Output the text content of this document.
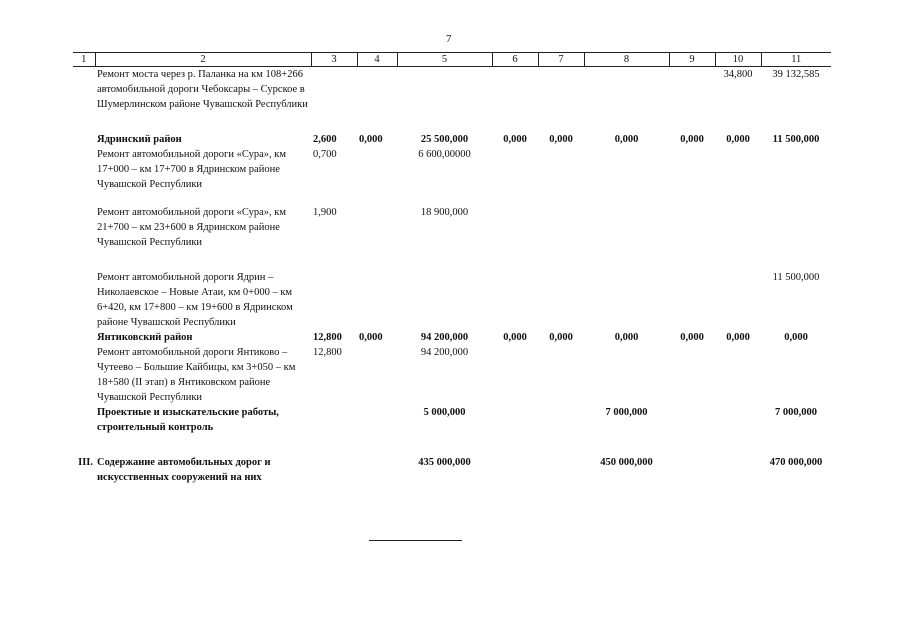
7
1	2	3	4	5	6	7	8	9	10	11
	Ремонт моста через р. Паланка на км 108+266 автомобильной дороги Чебоксары – Сурское в Шумерлинском районе Чувашской Республики								34,800	39 132,585
	Ядринский район	2,600	0,000	25 500,000	0,000	0,000	0,000	0,000	0,000	11 500,000
	Ремонт автомобильной дороги «Сура», км 17+000 – км 17+700 в Ядринском районе Чувашской Республики	0,700		6 600,00000						
	Ремонт автомобильной дороги «Сура», км 21+700 – км 23+600 в Ядринском районе Чувашской Республики	1,900		18 900,000						
	Ремонт автомобильной дороги Ядрин – Николаевское – Новые Атаи, км 0+000 – км 6+420, км 17+800 – км 19+600 в Ядринском районе Чувашской Республики									11 500,000
	Янтиковский район	12,800	0,000	94 200,000	0,000	0,000	0,000	0,000	0,000	0,000
	Ремонт автомобильной дороги Янтиково – Чутеево – Большие Кайбицы, км 3+050 – км 18+580 (II этап) в Янтиковском районе Чувашской Республики	12,800		94 200,000						
	Проектные и изыскательские работы, строительный контроль			5 000,000			7 000,000			7 000,000
III.	Содержание автомобильных дорог и искусственных сооружений на них			435 000,000			450 000,000			470 000,000
